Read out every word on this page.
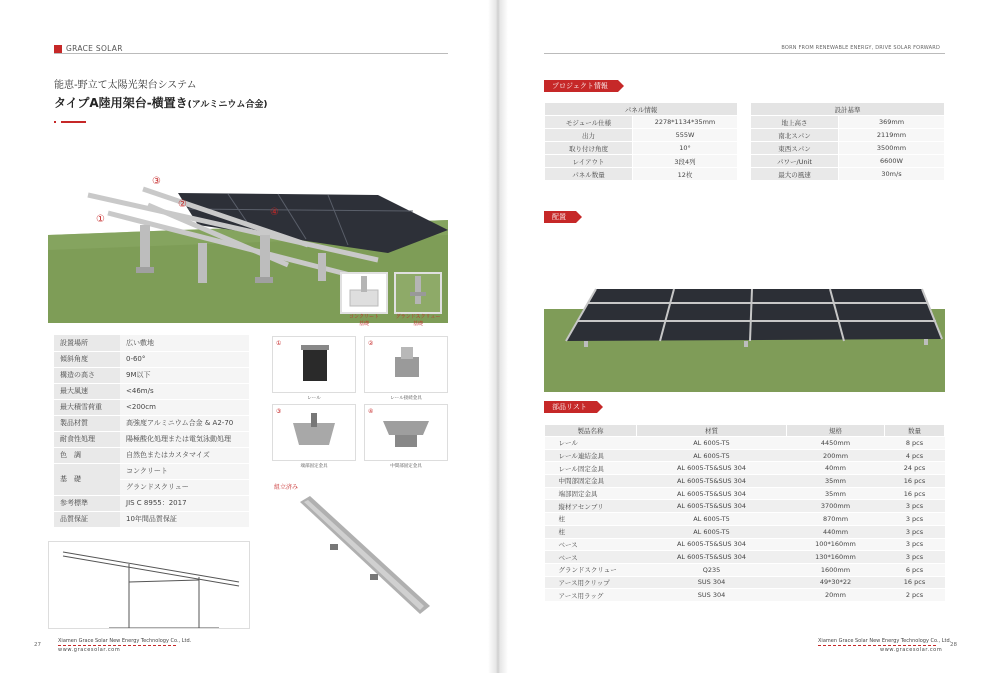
GRACE SOLAR
能恵-野立て太陽光架台システム
タイプA陸用架台-横置き(アルミニウム合金)
③
②
①
④
コンクリート
基礎
グランドスクリュー
基礎
設置場所	広い敷地
傾斜角度	0-60°
構造の高さ	9M以下
最大風速	<46m/s
最大積雪荷重	<200cm
製品材質	高強度アルミニウム合金 & A2-70
耐食性処理	陽極酸化処理または電気泳動処理
色　調	自然色またはカスタマイズ
基　礎	コンクリート
	グランドスクリュー
参考標準	JIS C 8955：2017
品質保証	10年間品質保証
①	②
③	④
レール	レール接続金具
端部固定金具	中間部固定金具
組立済み
27
Xiamen Grace Solar New Energy Technology Co., Ltd.
www.gracesolar.com
BORN FROM RENEWABLE ENERGY, DRIVE SOLAR FORWARD
プロジェクト情報
パネル情報	
モジュール仕様	2278*1134*35mm
出力	555W
取り付け角度	10°
レイアウト	3段4列
パネル数量	12枚
設計基準	
地上高さ	369mm
南北スパン	2119mm
東西スパン	3500mm
パワー/Unit	6600W
最大の風速	30m/s
配置
部品リスト
製品名称	材質	規格	数量
レール	AL 6005-T5	4450mm	8 pcs
レール連結金具	AL 6005-T5	200mm	4 pcs
レール固定金具	AL 6005-T5&SUS 304	40mm	24 pcs
中間部固定金具	AL 6005-T5&SUS 304	35mm	16 pcs
端部固定金具	AL 6005-T5&SUS 304	35mm	16 pcs
縦材アセンブリ	AL 6005-T5&SUS 304	3700mm	3 pcs
柱	AL 6005-T5	870mm	3 pcs
柱	AL 6005-T5	440mm	3 pcs
ベース	AL 6005-T5&SUS 304	100*160mm	3 pcs
ベース	AL 6005-T5&SUS 304	130*160mm	3 pcs
グランドスクリュー	Q235	1600mm	6 pcs
アース用クリップ	SUS 304	49*30*22	16 pcs
アース用ラッグ	SUS 304	20mm	2 pcs
Xiamen Grace Solar New Energy Technology Co., Ltd.
www.gracesolar.com
28
